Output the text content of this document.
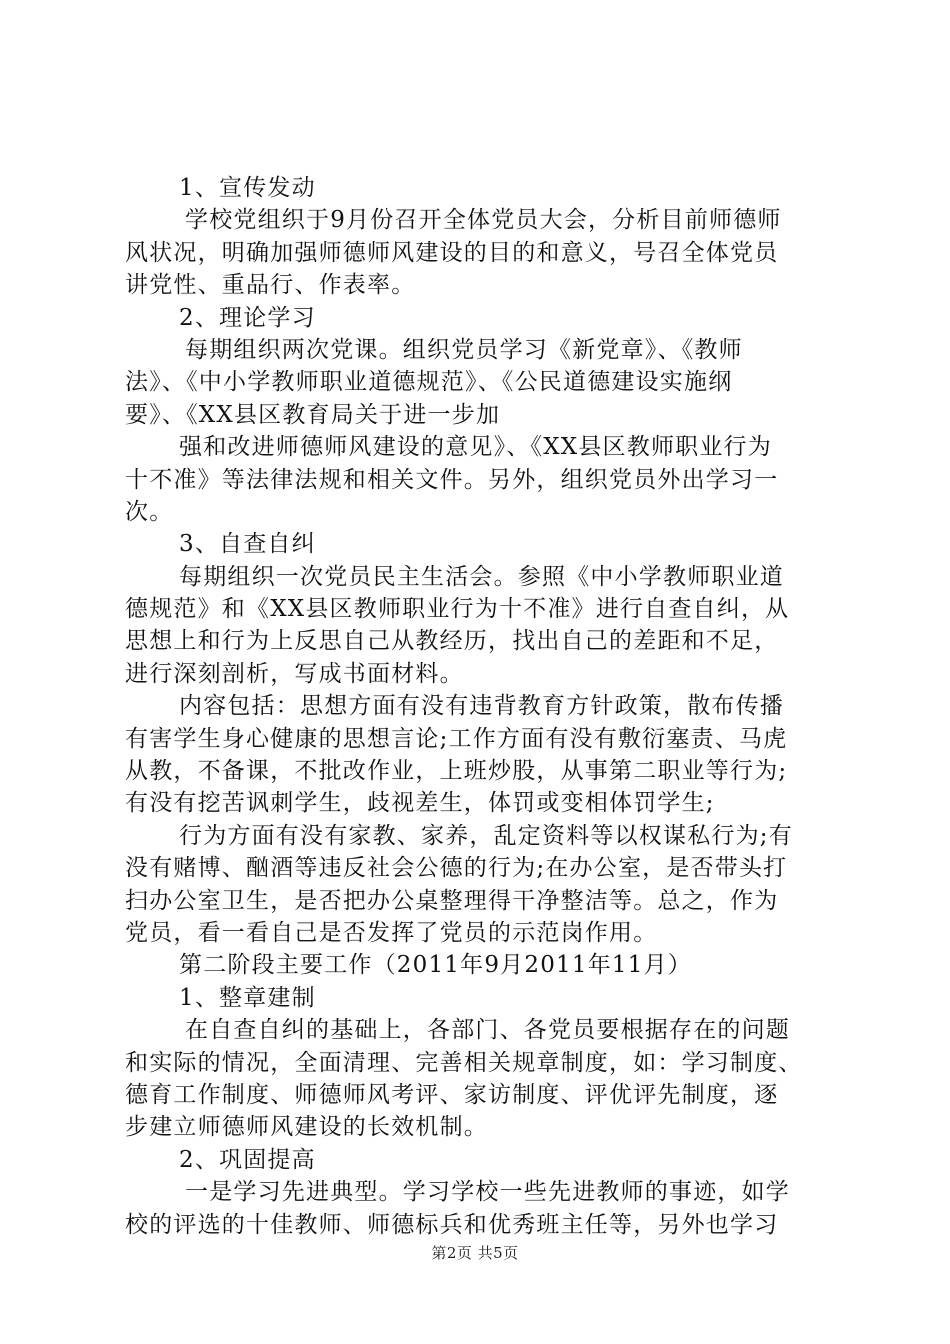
1、宣传发动
学校党组织于9月份召开全体党员大会，分析目前师德师
风状况，明确加强师德师风建设的目的和意义，号召全体党员
讲党性、重品行、作表率。
2、理论学习
每期组织两次党课。组织党员学习《新党章》、《教师
法》、《中小学教师职业道德规范》、《公民道德建设实施纲
要》、《XX县区教育局关于进一步加
强和改进师德师风建设的意见》、《XX县区教师职业行为
十不准》等法律法规和相关文件。另外，组织党员外出学习一
次。
3、自查自纠
每期组织一次党员民主生活会。参照《中小学教师职业道
德规范》和《XX县区教师职业行为十不准》进行自查自纠，从
思想上和行为上反思自己从教经历，找出自己的差距和不足，
进行深刻剖析，写成书面材料。
内容包括：思想方面有没有违背教育方针政策，散布传播
有害学生身心健康的思想言论;工作方面有没有敷衍塞责、马虎
从教，不备课，不批改作业，上班炒股，从事第二职业等行为;
有没有挖苦讽刺学生，歧视差生，体罚或变相体罚学生;
行为方面有没有家教、家养，乱定资料等以权谋私行为;有
没有赌博、酗酒等违反社会公德的行为;在办公室，是否带头打
扫办公室卫生，是否把办公桌整理得干净整洁等。总之，作为
党员，看一看自己是否发挥了党员的示范岗作用。
第二阶段主要工作（2011年9月2011年11月）
1、整章建制
在自查自纠的基础上，各部门、各党员要根据存在的问题
和实际的情况，全面清理、完善相关规章制度，如：学习制度、
德育工作制度、师德师风考评、家访制度、评优评先制度，逐
步建立师德师风建设的长效机制。
2、巩固提高
一是学习先进典型。学习学校一些先进教师的事迹，如学
校的评选的十佳教师、师德标兵和优秀班主任等，另外也学习
第2页 共5页
